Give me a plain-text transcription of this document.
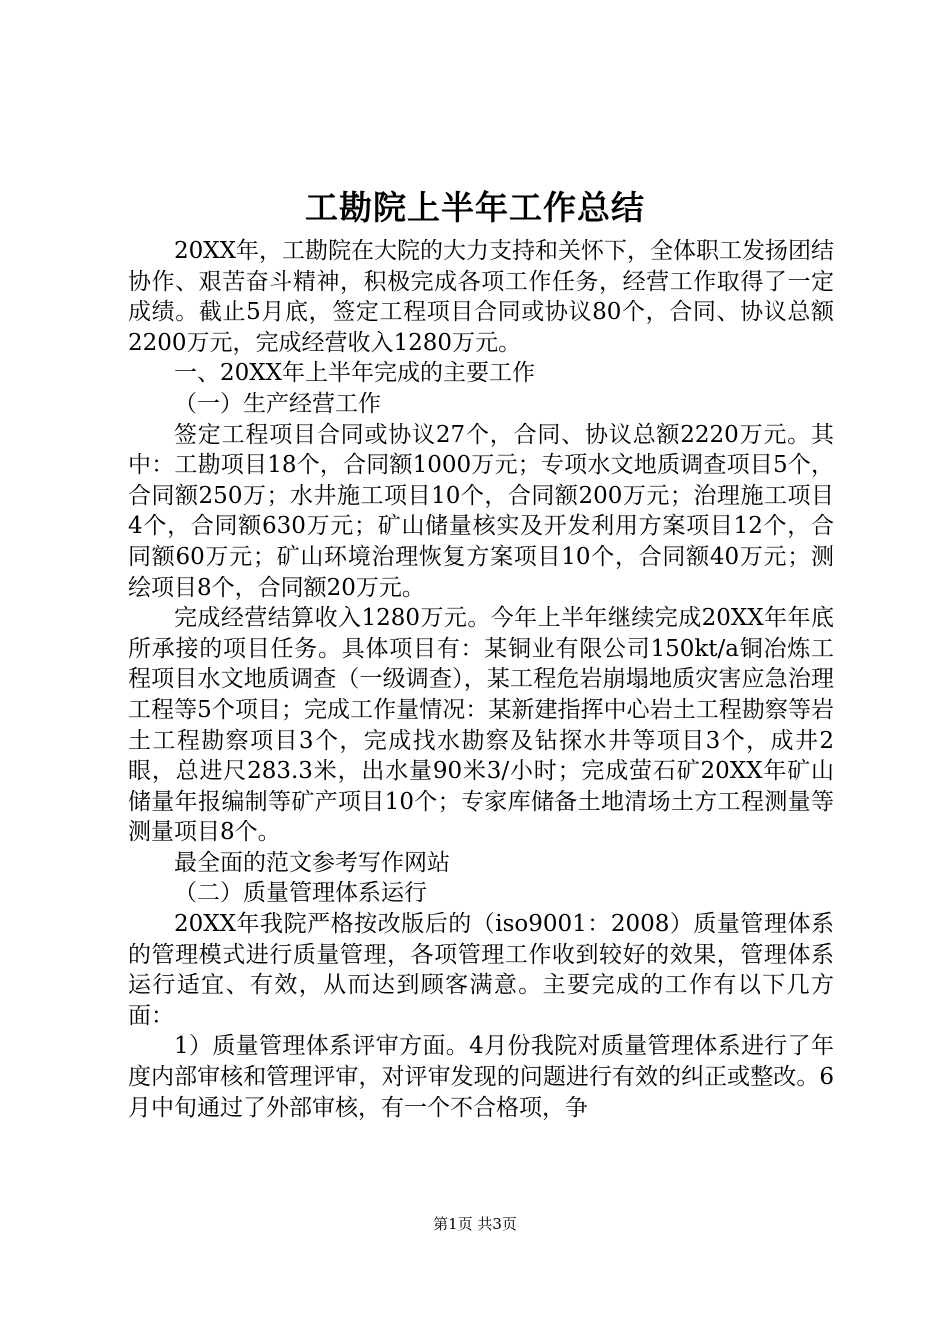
工勘院上半年工作总结

20XX年，工勘院在大院的大力支持和关怀下，全体职工发扬团结协作、艰苦奋斗精神，积极完成各项工作任务，经营工作取得了一定成绩。截止5月底，签定工程项目合同或协议80个，合同、协议总额2200万元，完成经营收入1280万元。

一、20XX年上半年完成的主要工作

（一）生产经营工作

签定工程项目合同或协议27个，合同、协议总额2220万元。其中：工勘项目18个，合同额1000万元；专项水文地质调查项目5个，合同额250万；水井施工项目10个，合同额200万元；治理施工项目4个，合同额630万元；矿山储量核实及开发利用方案项目12个，合同额60万元；矿山环境治理恢复方案项目10个，合同额40万元；测绘项目8个，合同额20万元。

完成经营结算收入1280万元。今年上半年继续完成20XX年年底所承接的项目任务。具体项目有：某铜业有限公司150kt/a铜冶炼工程项目水文地质调查（一级调查），某工程危岩崩塌地质灾害应急治理工程等5个项目；完成工作量情况：某新建指挥中心岩土工程勘察等岩土工程勘察项目3个，完成找水勘察及钻探水井等项目3个，成井2眼，总进尺283.3米，出水量90米3/小时；完成萤石矿20XX年矿山储量年报编制等矿产项目10个；专家库储备土地清场土方工程测量等测量项目8个。

最全面的范文参考写作网站

（二）质量管理体系运行

20XX年我院严格按改版后的（iso9001：2008）质量管理体系的管理模式进行质量管理，各项管理工作收到较好的效果，管理体系运行适宜、有效，从而达到顾客满意。主要完成的工作有以下几方面：

1）质量管理体系评审方面。4月份我院对质量管理体系进行了年度内部审核和管理评审，对评审发现的问题进行有效的纠正或整改。6月中旬通过了外部审核，有一个不合格项，争

第1页 共3页
